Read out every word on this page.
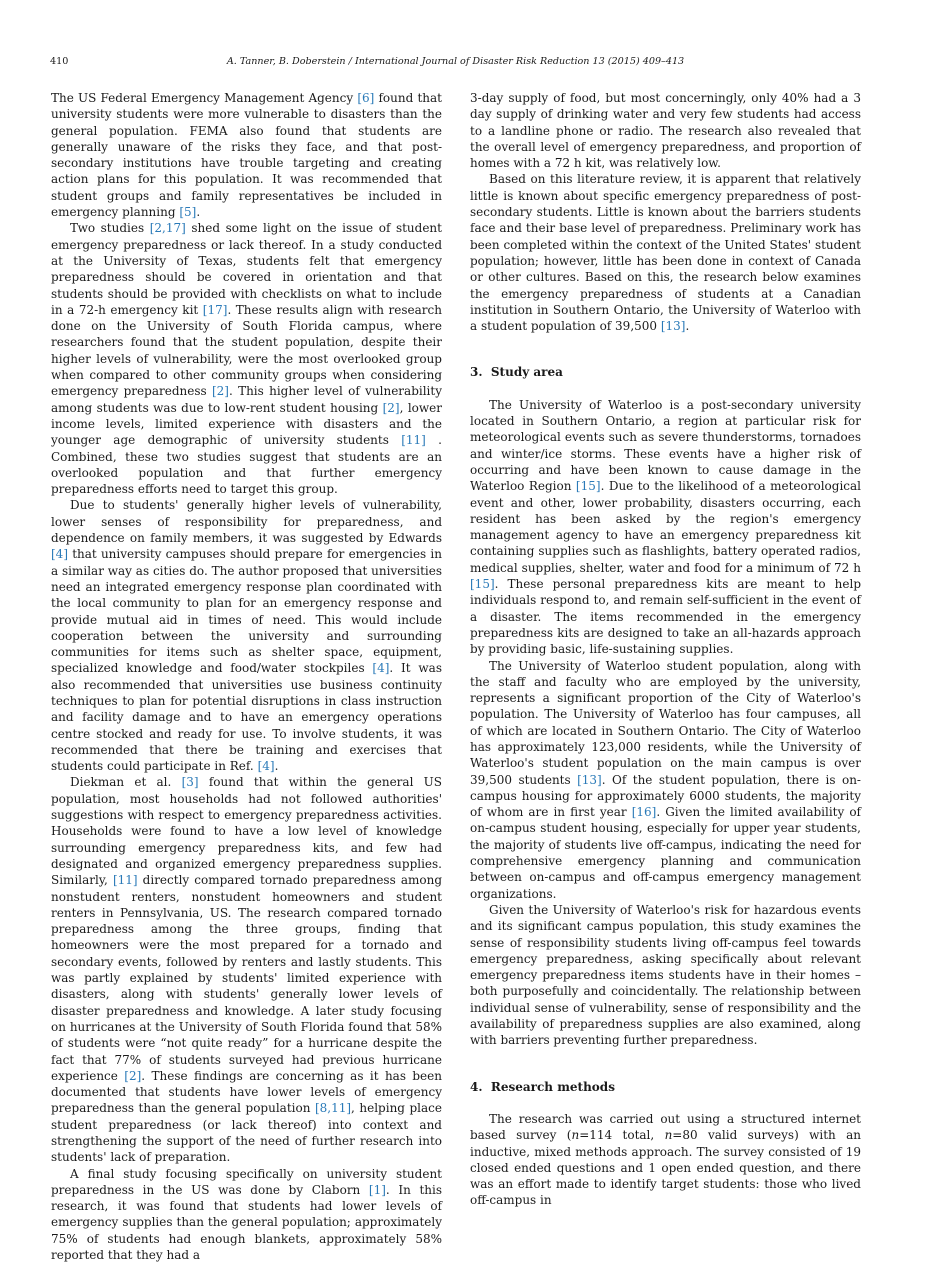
410	A. Tanner, B. Doberstein / International Journal of Disaster Risk Reduction 13 (2015) 409–413

The US Federal Emergency Management Agency [6] found that university students were more vulnerable to disasters than the general population. FEMA also found that students are generally unaware of the risks they face, and that post-secondary institutions have trouble targeting and creating action plans for this population. It was recommended that student groups and family representatives be included in emergency planning [5].

Two studies [2,17] shed some light on the issue of student emergency preparedness or lack thereof. In a study conducted at the University of Texas, students felt that emergency preparedness should be covered in orientation and that students should be provided with checklists on what to include in a 72-h emergency kit [17]. These results align with research done on the University of South Florida campus, where researchers found that the student population, despite their higher levels of vulnerability, were the most overlooked group when compared to other community groups when considering emergency preparedness [2]. This higher level of vulnerability among students was due to low-rent student housing [2], lower income levels, limited experience with disasters and the younger age demographic of university students [11] . Combined, these two studies suggest that students are an overlooked population and that further emergency preparedness efforts need to target this group.

Due to students' generally higher levels of vulnerability, lower senses of responsibility for preparedness, and dependence on family members, it was suggested by Edwards [4] that university campuses should prepare for emergencies in a similar way as cities do. The author proposed that universities need an integrated emergency response plan coordinated with the local community to plan for an emergency response and provide mutual aid in times of need. This would include cooperation between the university and surrounding communities for items such as shelter space, equipment, specialized knowledge and food/water stockpiles [4]. It was also recommended that universities use business continuity techniques to plan for potential disruptions in class instruction and facility damage and to have an emergency operations centre stocked and ready for use. To involve students, it was recommended that there be training and exercises that students could participate in Ref. [4].

Diekman et al. [3] found that within the general US population, most households had not followed authorities' suggestions with respect to emergency preparedness activities. Households were found to have a low level of knowledge surrounding emergency preparedness kits, and few had designated and organized emergency preparedness supplies. Similarly, [11] directly compared tornado preparedness among nonstudent renters, nonstudent homeowners and student renters in Pennsylvania, US. The research compared tornado preparedness among the three groups, finding that homeowners were the most prepared for a tornado and secondary events, followed by renters and lastly students. This was partly explained by students' limited experience with disasters, along with students' generally lower levels of disaster preparedness and knowledge. A later study focusing on hurricanes at the University of South Florida found that 58% of students were “not quite ready” for a hurricane despite the fact that 77% of students surveyed had previous hurricane experience [2]. These findings are concerning as it has been documented that students have lower levels of emergency preparedness than the general population [8,11], helping place student preparedness (or lack thereof) into context and strengthening the support of the need of further research into students' lack of preparation.

A final study focusing specifically on university student preparedness in the US was done by Claborn [1]. In this research, it was found that students had lower levels of emergency supplies than the general population; approximately 75% of students had enough blankets, approximately 58% reported that they had a

3-day supply of food, but most concerningly, only 40% had a 3 day supply of drinking water and very few students had access to a landline phone or radio. The research also revealed that the overall level of emergency preparedness, and proportion of homes with a 72 h kit, was relatively low.

Based on this literature review, it is apparent that relatively little is known about specific emergency preparedness of post-secondary students. Little is known about the barriers students face and their base level of preparedness. Preliminary work has been completed within the context of the United States' student population; however, little has been done in context of Canada or other cultures. Based on this, the research below examines the emergency preparedness of students at a Canadian institution in Southern Ontario, the University of Waterloo with a student population of 39,500 [13].

3. Study area

The University of Waterloo is a post-secondary university located in Southern Ontario, a region at particular risk for meteorological events such as severe thunderstorms, tornadoes and winter/ice storms. These events have a higher risk of occurring and have been known to cause damage in the Waterloo Region [15]. Due to the likelihood of a meteorological event and other, lower probability, disasters occurring, each resident has been asked by the region's emergency management agency to have an emergency preparedness kit containing supplies such as flashlights, battery operated radios, medical supplies, shelter, water and food for a minimum of 72 h [15]. These personal preparedness kits are meant to help individuals respond to, and remain self-sufficient in the event of a disaster. The items recommended in the emergency preparedness kits are designed to take an all-hazards approach by providing basic, life-sustaining supplies.

The University of Waterloo student population, along with the staff and faculty who are employed by the university, represents a significant proportion of the City of Waterloo's population. The University of Waterloo has four campuses, all of which are located in Southern Ontario. The City of Waterloo has approximately 123,000 residents, while the University of Waterloo's student population on the main campus is over 39,500 students [13]. Of the student population, there is on-campus housing for approximately 6000 students, the majority of whom are in first year [16]. Given the limited availability of on-campus student housing, especially for upper year students, the majority of students live off-campus, indicating the need for comprehensive emergency planning and communication between on-campus and off-campus emergency management organizations.

Given the University of Waterloo's risk for hazardous events and its significant campus population, this study examines the sense of responsibility students living off-campus feel towards emergency preparedness, asking specifically about relevant emergency preparedness items students have in their homes – both purposefully and coincidentally. The relationship between individual sense of vulnerability, sense of responsibility and the availability of preparedness supplies are also examined, along with barriers preventing further preparedness.

4. Research methods

The research was carried out using a structured internet based survey (n=114 total, n=80 valid surveys) with an inductive, mixed methods approach. The survey consisted of 19 closed ended questions and 1 open ended question, and there was an effort made to identify target students: those who lived off-campus in
